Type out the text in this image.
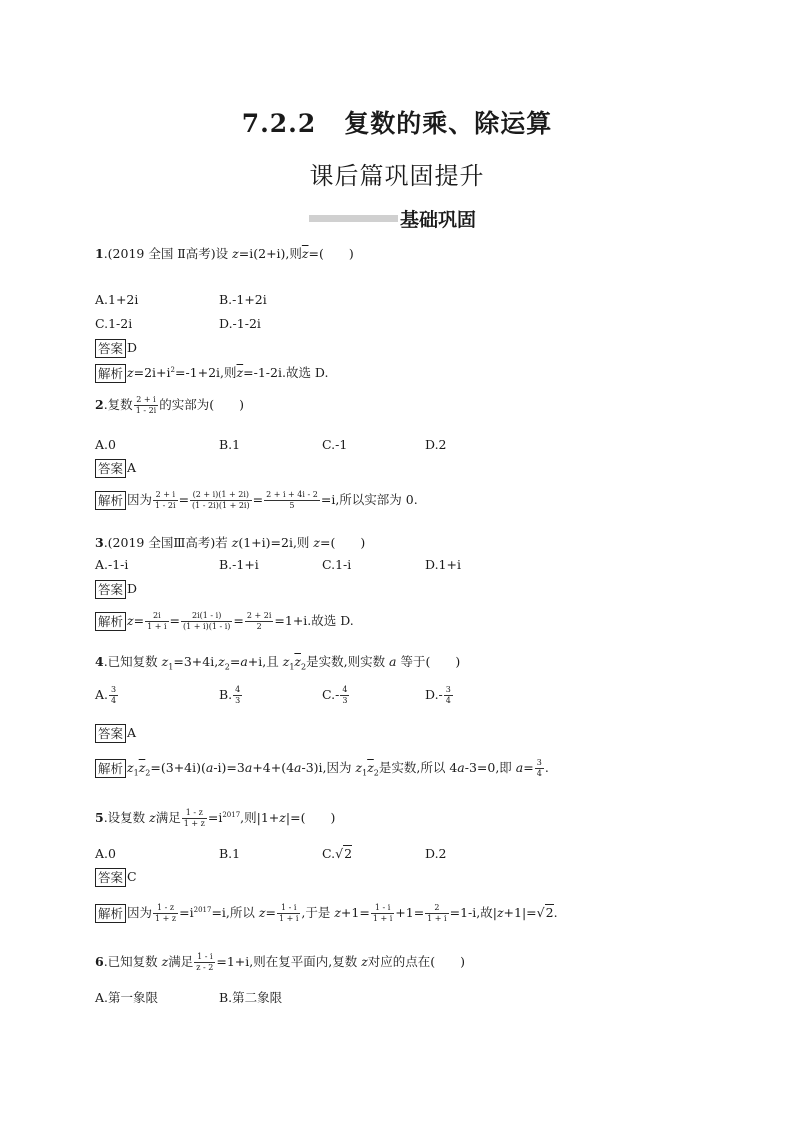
7.2.2 复数的乘、除运算
课后篇巩固提升
基础巩固
1.(2019 全国 Ⅱ高考)设 z=i(2+i),则$\overline{z}=$(　　)
A.1+2i	B.-1+2i
C.1-2i	D.-1-2i
答案 D
解析 $z=2i+i^2=-1+2i$,则$\overline{z}=-1-2i$.故选 D.
2.复数 $\frac{2 + i}{1 - 2i}$ 的实部为(　　)
A.0	B.1	C.-1	D.2
答案 A
解析 因为 $\frac{2 + i}{1 - 2i} = \frac{(2 + i)(1 + 2i)}{(1 - 2i)(1 + 2i)} = \frac{2 + i + 4i - 2}{5} =i$,所以实部为 0.
3.(2019 全国Ⅲ高考)若 z(1+i)=2i,则 z=(　　)
A.-1-i	B.-1+i	C.1-i	D.1+i
答案 D
解析 $z= \frac{2i}{1 + i} = \frac{2i(1 - i)}{(1 + i)(1 - i)} = \frac{2 + 2i}{2} =1+i$.故选 D.
4.已知复数 $z_1=3+4i,z_2=a+i$,且 $z_1\overline{z}_2$是实数,则实数 a 等于(　　)
A. $\frac{3}{4}$	B. $\frac{4}{3}$	$C.- \frac{4}{3}$	$D.- \frac{3}{4}$
答案 A
解析 $z_1\overline{z}_2=(3+4i)(a-i)=3a+4+(4a-3)i$,因为 $z_1\overline{z}_2$是实数,所以 4a-3=0,即 $a= \frac{3}{4}$ .
5.设复数 z满足 $\frac{1 - z}{1 + z} =i^{2017}$,则|1+z|=(　　)
A.0	B.1	C.√2	D.2
答案 C
解析 因为 $\frac{1 - z}{1 + z} =i^{2017}=i$,所以 $z= \frac{1 - i}{1 + i}$ ,于是 $z+1= \frac{1 - i}{1 + i} +1= \frac{2}{1 + i} =1-i$,故|z+1|=√2.
6.已知复数 z满足 $\frac{1 - i}{z - 2} =1+i$,则在复平面内,复数 z对应的点在(　　)
A.第一象限	B.第二象限
